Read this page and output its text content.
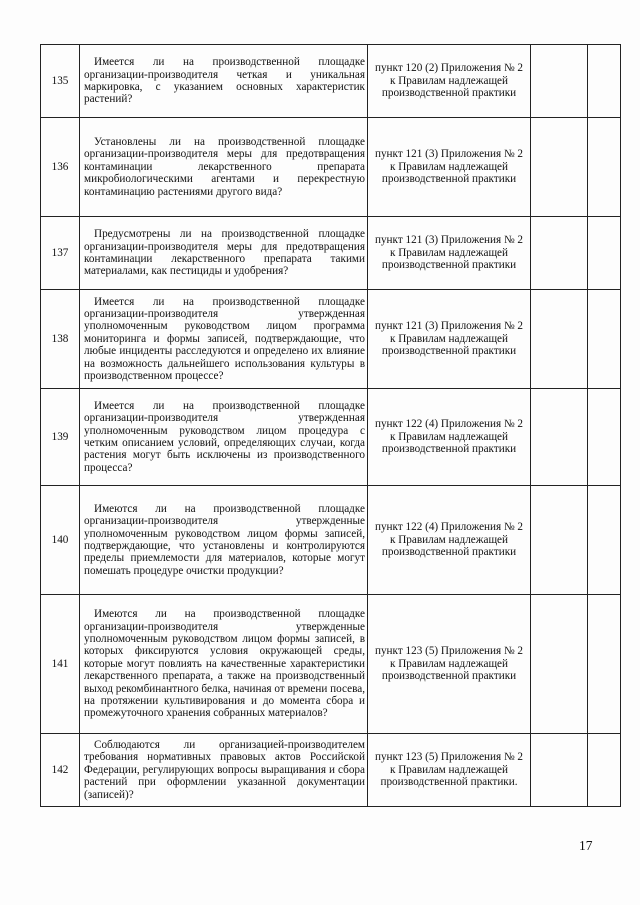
135	Имеется ли на производственной площадке организации-производителя четкая и уникальная маркировка, с указанием основных характеристик растений?	пункт 120 (2) Приложения № 2 к Правилам надлежащей производственной практики		
136	Установлены ли на производственной площадке организации-производителя меры для предотвращения контаминации лекарственного препарата микробиологическими агентами и перекрестную контаминацию растениями другого вида?	пункт 121 (3) Приложения № 2 к Правилам надлежащей производственной практики		
137	Предусмотрены ли на производственной площадке организации-производителя меры для предотвращения контаминации лекарственного препарата такими материалами, как пестициды и удобрения?	пункт 121 (3) Приложения № 2 к Правилам надлежащей производственной практики		
138	Имеется ли на производственной площадке организации-производителя утвержденная уполномоченным руководством лицом программа мониторинга и формы записей, подтверждающие, что любые инциденты расследуются и определено их влияние на возможность дальнейшего использования культуры в производственном процессе?	пункт 121 (3) Приложения № 2 к Правилам надлежащей производственной практики		
139	Имеется ли на производственной площадке организации-производителя утвержденная уполномоченным руководством лицом процедура с четким описанием условий, определяющих случаи, когда растения могут быть исключены из производственного процесса?	пункт 122 (4) Приложения № 2 к Правилам надлежащей производственной практики		
140	Имеются ли на производственной площадке организации-производителя утвержденные уполномоченным руководством лицом формы записей, подтверждающие, что установлены и контролируются пределы приемлемости для материалов, которые могут помешать процедуре очистки продукции?	пункт 122 (4) Приложения № 2 к Правилам надлежащей производственной практики		
141	Имеются ли на производственной площадке организации-производителя утвержденные уполномоченным руководством лицом формы записей, в которых фиксируются условия окружающей среды, которые могут повлиять на качественные характеристики лекарственного препарата, а также на производственный выход рекомбинантного белка, начиная от времени посева, на протяжении культивирования и до момента сбора и промежуточного хранения собранных материалов?	пункт 123 (5) Приложения № 2 к Правилам надлежащей производственной практики		
142	Соблюдаются ли организацией-производителем требования нормативных правовых актов Российской Федерации, регулирующих вопросы выращивания и сбора растений при оформлении указанной документации (записей)?	пункт 123 (5) Приложения № 2 к Правилам надлежащей производственной практики.		
17
